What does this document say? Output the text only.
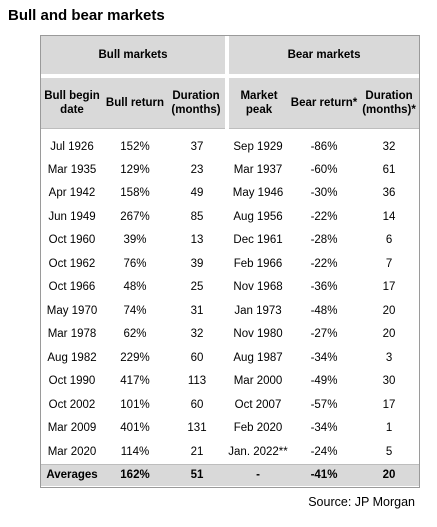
Bull and bear markets
Bull markets			Bear markets		
Bull begin date	Bull return	Duration (months)	Market peak	Bear return*	Duration (months)*
Jul 1926	152%	37	Sep 1929	-86%	32
Mar 1935	129%	23	Mar 1937	-60%	61
Apr 1942	158%	49	May 1946	-30%	36
Jun 1949	267%	85	Aug 1956	-22%	14
Oct 1960	39%	13	Dec 1961	-28%	6
Oct 1962	76%	39	Feb 1966	-22%	7
Oct 1966	48%	25	Nov 1968	-36%	17
May 1970	74%	31	Jan 1973	-48%	20
Mar 1978	62%	32	Nov 1980	-27%	20
Aug 1982	229%	60	Aug 1987	-34%	3
Oct 1990	417%	113	Mar 2000	-49%	30
Oct 2002	101%	60	Oct 2007	-57%	17
Mar 2009	401%	131	Feb 2020	-34%	1
Mar 2020	114%	21	Jan. 2022**	-24%	5
Averages	162%	51	-	-41%	20
Source: JP Morgan
